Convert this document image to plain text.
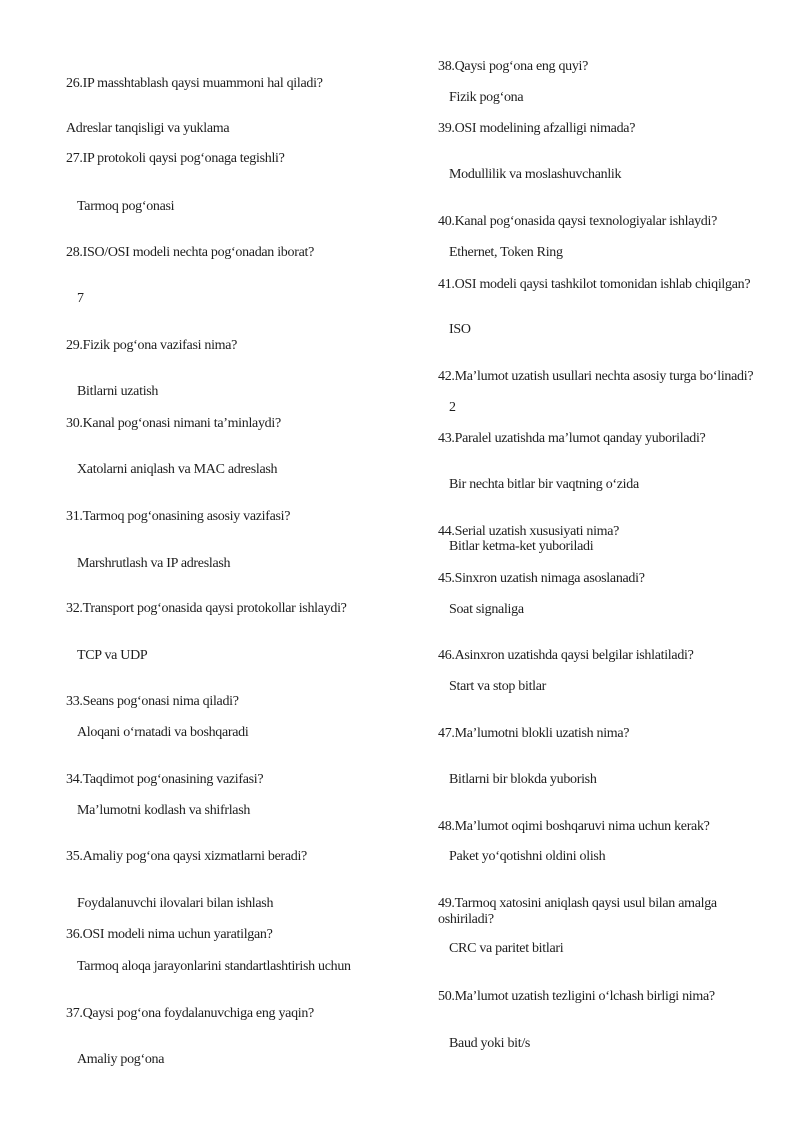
26.IP masshtablash qaysi muammoni hal qiladi?
Adreslar tanqisligi va yuklama
27.IP protokoli qaysi pog‘onaga tegishli?
Tarmoq pog‘onasi
28.ISO/OSI modeli nechta pog‘onadan iborat?
7
29.Fizik pog‘ona vazifasi nima?
Bitlarni uzatish
30.Kanal pog‘onasi nimani ta’minlaydi?
Xatolarni aniqlash va MAC adreslash
31.Tarmoq pog‘onasining asosiy vazifasi?
Marshrutlash va IP adreslash
32.Transport pog‘onasida qaysi protokollar ishlaydi?
TCP va UDP
33.Seans pog‘onasi nima qiladi?
Aloqani o‘rnatadi va boshqaradi
34.Taqdimot pog‘onasining vazifasi?
Ma’lumotni kodlash va shifrlash
35.Amaliy pog‘ona qaysi xizmatlarni beradi?
Foydalanuvchi ilovalari bilan ishlash
36.OSI modeli nima uchun yaratilgan?
Tarmoq aloqa jarayonlarini standartlashtirish uchun
37.Qaysi pog‘ona foydalanuvchiga eng yaqin?
Amaliy pog‘ona
38.Qaysi pog‘ona eng quyi?
Fizik pog‘ona
39.OSI modelining afzalligi nimada?
Modullilik va moslashuvchanlik
40.Kanal pog‘onasida qaysi texnologiyalar ishlaydi?
Ethernet, Token Ring
41.OSI modeli qaysi tashkilot tomonidan ishlab chiqilgan?
ISO
42.Ma’lumot uzatish usullari nechta asosiy turga bo‘linadi?
2
43.Paralel uzatishda ma’lumot qanday yuboriladi?
Bir nechta bitlar bir vaqtning o‘zida
44.Serial uzatish xususiyati nima?
Bitlar ketma-ket yuboriladi
45.Sinxron uzatish nimaga asoslanadi?
Soat signaliga
46.Asinxron uzatishda qaysi belgilar ishlatiladi?
Start va stop bitlar
47.Ma’lumotni blokli uzatish nima?
Bitlarni bir blokda yuborish
48.Ma’lumot oqimi boshqaruvi nima uchun kerak?
Paket yo‘qotishni oldini olish
49.Tarmoq xatosini aniqlash qaysi usul bilan amalga oshiriladi?
CRC va paritet bitlari
50.Ma’lumot uzatish tezligini o‘lchash birligi nima?
Baud yoki bit/s
